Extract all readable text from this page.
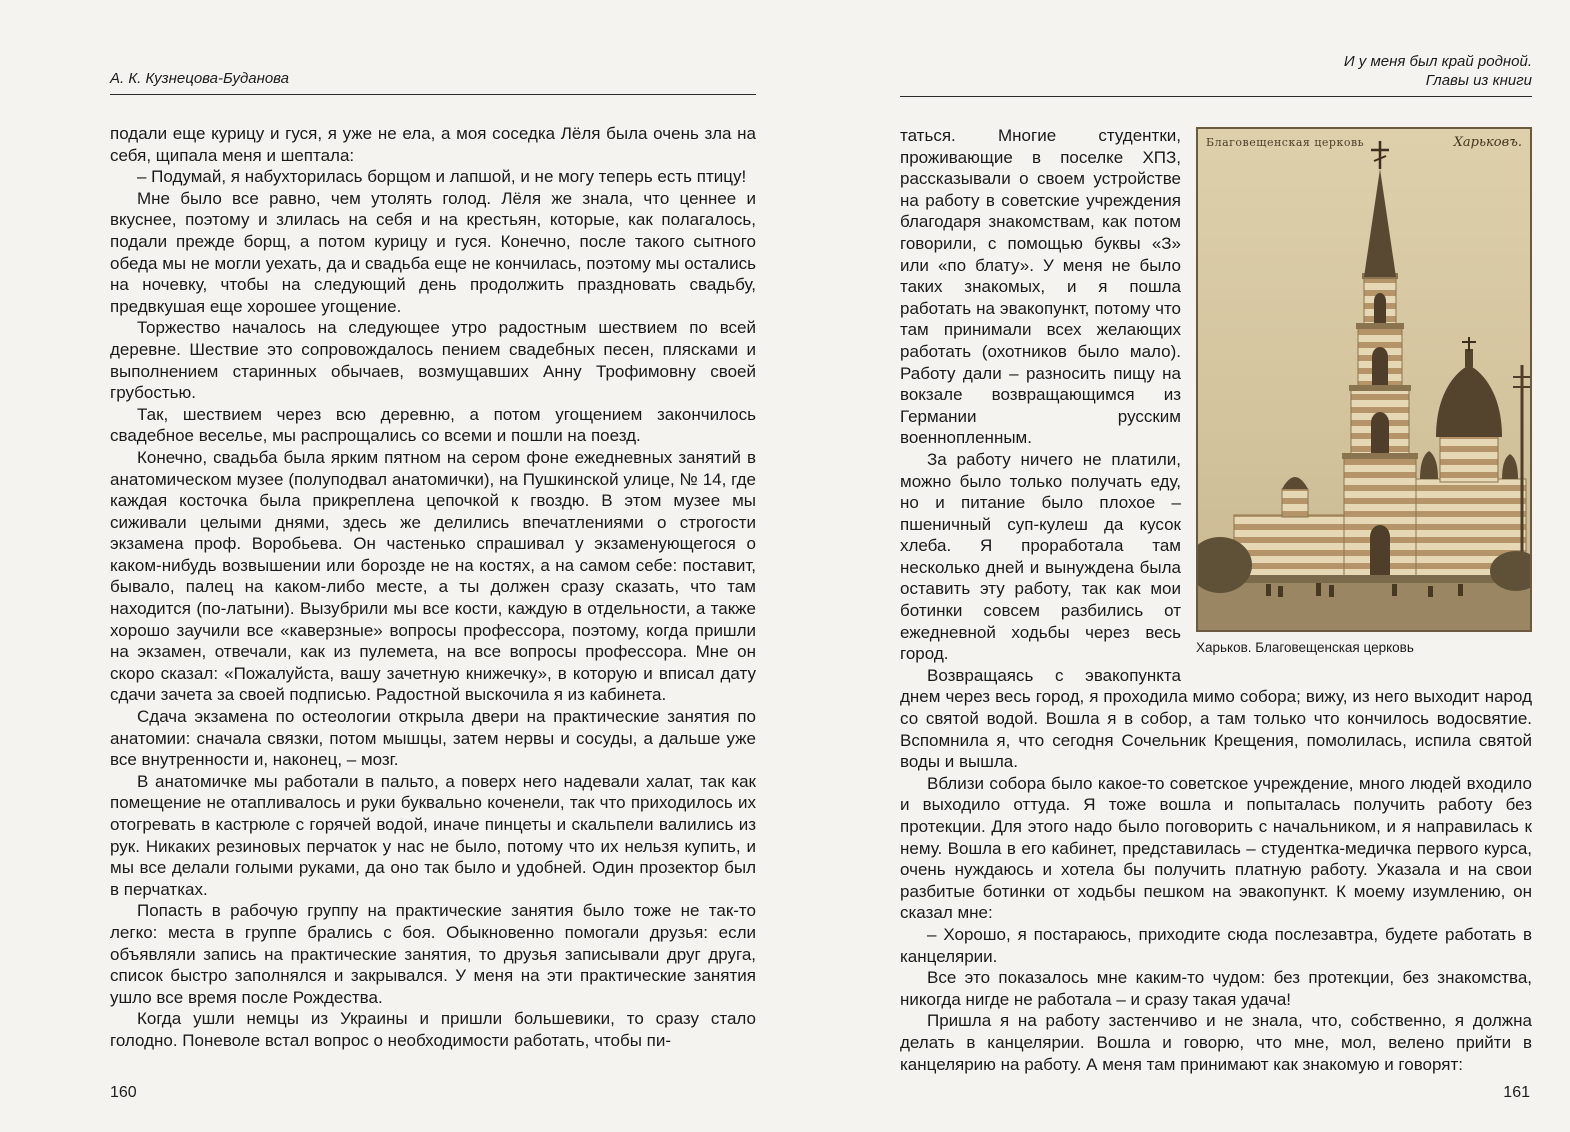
А. К. Кузнецова-Буданова

подали еще курицу и гуся, я уже не ела, а моя соседка Лёля была очень зла на себя, щипала меня и шептала:

– Подумай, я набухторилась борщом и лапшой, и не могу теперь есть птицу!

Мне было все равно, чем утолять голод. Лёля же знала, что ценнее и вкуснее, поэтому и злилась на себя и на крестьян, которые, как полагалось, подали прежде борщ, а потом курицу и гуся. Конечно, после такого сытного обеда мы не могли уехать, да и свадьба еще не кончилась, поэтому мы остались на ночевку, чтобы на следующий день продолжить праздновать свадьбу, предвкушая еще хорошее угощение.

Торжество началось на следующее утро радостным шествием по всей деревне. Шествие это сопровождалось пением свадебных песен, плясками и выполнением старинных обычаев, возмущавших Анну Трофимовну своей грубостью.

Так, шествием через всю деревню, а потом угощением закончилось свадебное веселье, мы распрощались со всеми и пошли на поезд.

Конечно, свадьба была ярким пятном на сером фоне ежедневных занятий в анатомическом музее (полуподвал анатомички), на Пушкинской улице, № 14, где каждая косточка была прикреплена цепочкой к гвоздю. В этом музее мы сиживали целыми днями, здесь же делились впечатлениями о строгости экзамена проф. Воробьева. Он частенько спрашивал у экзаменующегося о каком-нибудь возвышении или борозде не на костях, а на самом себе: поставит, бывало, палец на каком-либо месте, а ты должен сразу сказать, что там находится (по-латыни). Вызубрили мы все кости, каждую в отдельности, а также хорошо заучили все «каверзные» вопросы профессора, поэтому, когда пришли на экзамен, отвечали, как из пулемета, на все вопросы профессора. Мне он скоро сказал: «Пожалуйста, вашу зачетную книжечку», в которую и вписал дату сдачи зачета за своей подписью. Радостной выскочила я из кабинета.

Сдача экзамена по остеологии открыла двери на практические занятия по анатомии: сначала связки, потом мышцы, затем нервы и сосуды, а дальше уже все внутренности и, наконец, – мозг.

В анатомичке мы работали в пальто, а поверх него надевали халат, так как помещение не отапливалось и руки буквально коченели, так что приходилось их отогревать в кастрюле с горячей водой, иначе пинцеты и скальпели валились из рук. Никаких резиновых перчаток у нас не было, потому что их нельзя купить, и мы все делали голыми руками, да оно так было и удобней. Один прозектор был в перчатках.

Попасть в рабочую группу на практические занятия было тоже не так-то легко: места в группе брались с боя. Обыкновенно помогали друзья: если объявляли запись на практические занятия, то друзья записывали друг друга, список быстро заполнялся и закрывался. У меня на эти практические занятия ушло все время после Рождества.

Когда ушли немцы из Украины и пришли большевики, то сразу стало голодно. Поневоле встал вопрос о необходимости работать, чтобы пи-

И у меня был край родной.
Главы из книги
Благовещенская церковь	Харьковъ.
Харьков. Благовещенская церковь

таться. Многие студентки, проживающие в поселке ХПЗ, рассказывали о своем устройстве на работу в советские учреждения благодаря знакомствам, как потом говорили, с помощью буквы «З» или «по блату». У меня не было таких знакомых, и я пошла работать на эвакопункт, потому что там принимали всех желающих работать (охотников было мало). Работу дали – разносить пищу на вокзале возвращающимся из Германии русским военнопленным.

За работу ничего не платили, можно было только получать еду, но и питание было плохое – пшеничный суп-кулеш да кусок хлеба. Я проработала там несколько дней и вынуждена была оставить эту работу, так как мои ботинки совсем разбились от ежедневной ходьбы через весь город.

Возвращаясь с эвакопункта днем через весь город, я проходила мимо собора; вижу, из него выходит народ со святой водой. Вошла я в собор, а там только что кончилось водосвятие. Вспомнила я, что сегодня Сочельник Крещения, помолилась, испила святой воды и вышла.

Вблизи собора было какое-то советское учреждение, много людей входило и выходило оттуда. Я тоже вошла и попыталась получить работу без протекции. Для этого надо было поговорить с начальником, и я направилась к нему. Вошла в его кабинет, представилась – студентка-медичка первого курса, очень нуждаюсь и хотела бы получить платную работу. Указала и на свои разбитые ботинки от ходьбы пешком на эвакопункт. К моему изумлению, он сказал мне:

– Хорошо, я постараюсь, приходите сюда послезавтра, будете работать в канцелярии.

Все это показалось мне каким-то чудом: без протекции, без знакомства, никогда нигде не работала – и сразу такая удача!

Пришла я на работу застенчиво и не знала, что, собственно, я должна делать в канцелярии. Вошла и говорю, что мне, мол, велено прийти в канцелярию на работу. А меня там принимают как знакомую и говорят:

160	161
